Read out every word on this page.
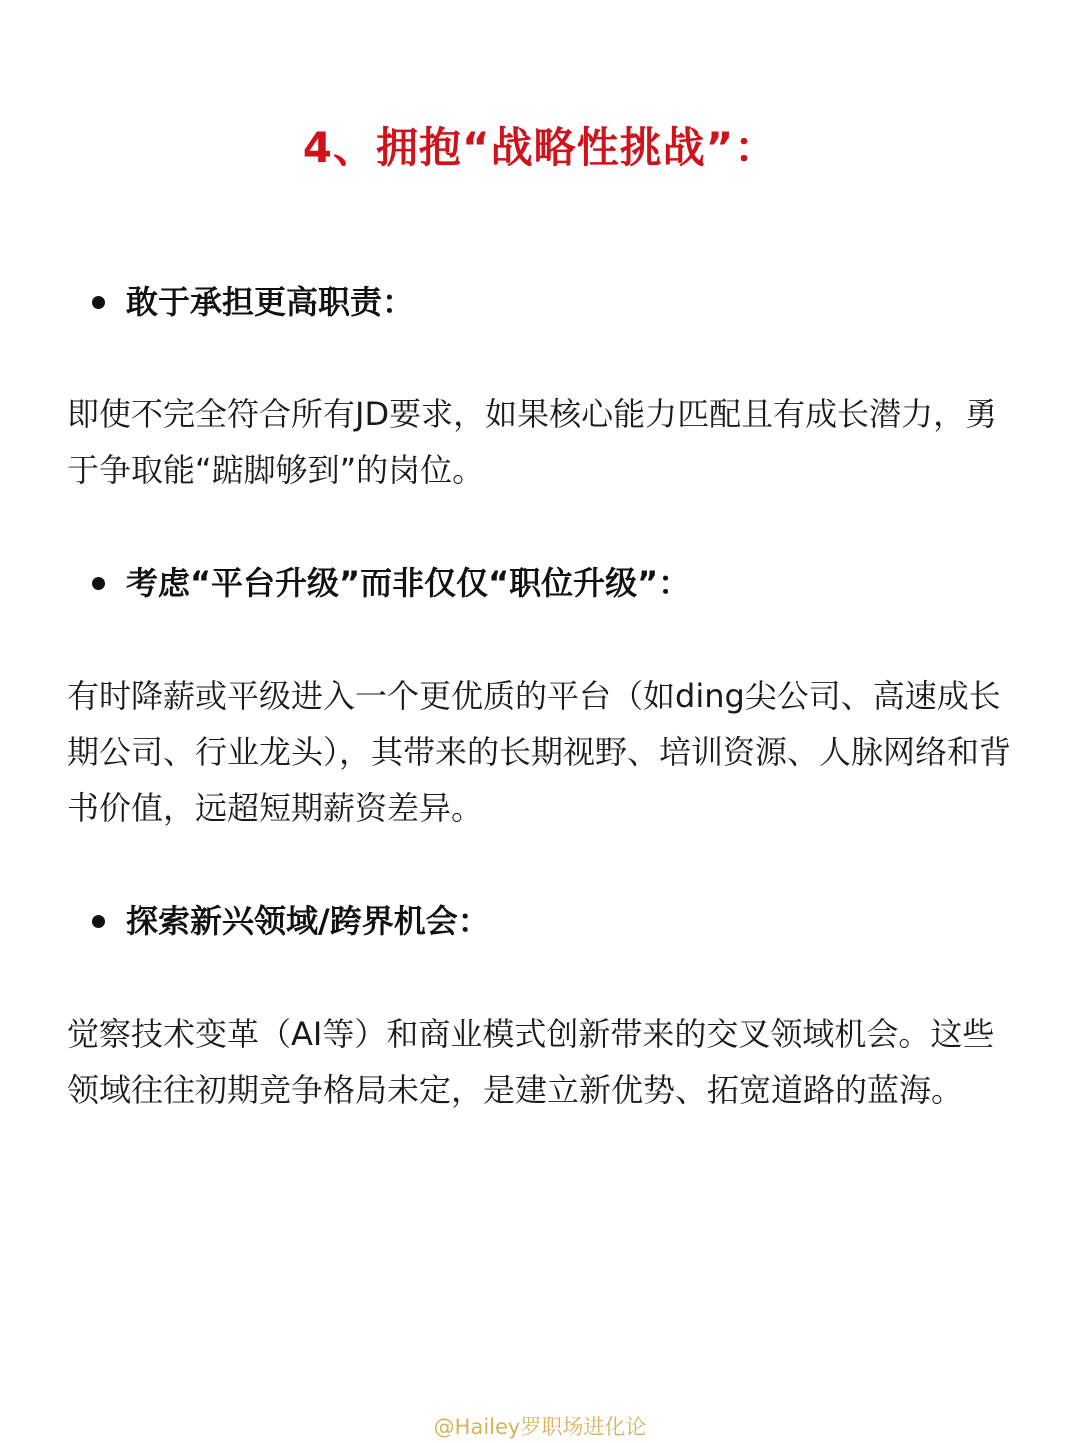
4、拥抱“战略性挑战”：
敢于承担更高职责：

即使不完全符合所有JD要求，如果核心能力匹配且有成长潜力，勇于争取能“踮脚够到”的岗位。

考虑“平台升级”而非仅仅“职位升级”：

有时降薪或平级进入一个更优质的平台（如ding尖公司、高速成长期公司、行业龙头），其带来的长期视野、培训资源、人脉网络和背书价值，远超短期薪资差异。

探索新兴领域/跨界机会：

觉察技术变革（AI等）和商业模式创新带来的交叉领域机会。这些领域往往初期竞争格局未定，是建立新优势、拓宽道路的蓝海。

@Hailey罗职场进化论
